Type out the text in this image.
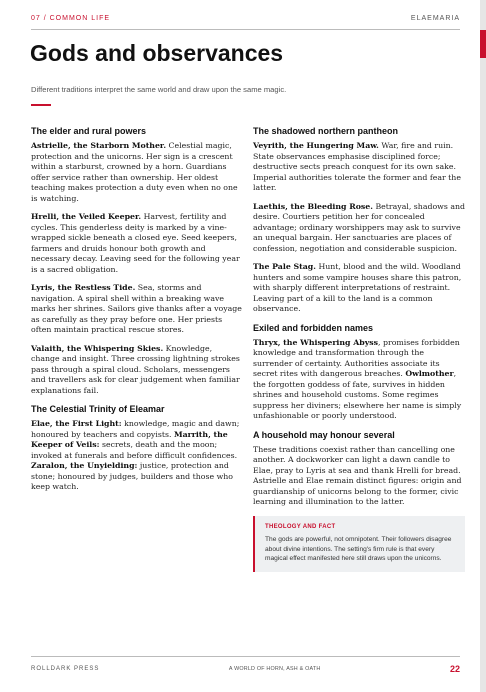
07 / COMMON LIFE	ELAEMARIA
Gods and observances

Different traditions interpret the same world and draw upon the same magic.

The elder and rural powers

Astrielle, the Starborn Mother. Celestial magic, protection and the unicorns. Her sign is a crescent within a starburst, crowned by a horn. Guardians offer service rather than ownership. Her oldest teaching makes protection a duty even when no one is watching.

Hrelli, the Veiled Keeper. Harvest, fertility and cycles. This genderless deity is marked by a vine-wrapped sickle beneath a closed eye. Seed keepers, farmers and druids honour both growth and necessary decay. Leaving seed for the following year is a sacred obligation.

Lyris, the Restless Tide. Sea, storms and navigation. A spiral shell within a breaking wave marks her shrines. Sailors give thanks after a voyage as carefully as they pray before one. Her priests often maintain practical rescue stores.

Valaith, the Whispering Skies. Knowledge, change and insight. Three crossing lightning strokes pass through a spiral cloud. Scholars, messengers and travellers ask for clear judgement when familiar explanations fail.

The Celestial Trinity of Eleamar

Elae, the First Light: knowledge, magic and dawn; honoured by teachers and copyists. Marrith, the Keeper of Veils: secrets, death and the moon; invoked at funerals and before difficult confidences. Zaralon, the Unyielding: justice, protection and stone; honoured by judges, builders and those who keep watch.

The shadowed northern pantheon

Veyrith, the Hungering Maw. War, fire and ruin. State observances emphasise disciplined force; destructive sects preach conquest for its own sake. Imperial authorities tolerate the former and fear the latter.

Laethis, the Bleeding Rose. Betrayal, shadows and desire. Courtiers petition her for concealed advantage; ordinary worshippers may ask to survive an unequal bargain. Her sanctuaries are places of confession, negotiation and considerable suspicion.

The Pale Stag. Hunt, blood and the wild. Woodland hunters and some vampire houses share this patron, with sharply different interpretations of restraint. Leaving part of a kill to the land is a common observance.

Exiled and forbidden names

Thryx, the Whispering Abyss, promises forbidden knowledge and transformation through the surrender of certainty. Authorities associate its secret rites with dangerous breaches. Owlmother, the forgotten goddess of fate, survives in hidden shrines and household customs. Some regimes suppress her diviners; elsewhere her name is simply unfashionable or poorly understood.

A household may honour several

These traditions coexist rather than cancelling one another. A dockworker can light a dawn candle to Elae, pray to Lyris at sea and thank Hrelli for bread. Astrielle and Elae remain distinct figures: origin and guardianship of unicorns belong to the former, civic learning and illumination to the latter.

THEOLOGY AND FACT
The gods are powerful, not omnipotent. Their followers disagree about divine intentions. The setting's firm rule is that every magical effect manifested here still draws upon the unicorns.
ROLLDARK PRESS	A WORLD OF HORN, ASH & OATH	22
